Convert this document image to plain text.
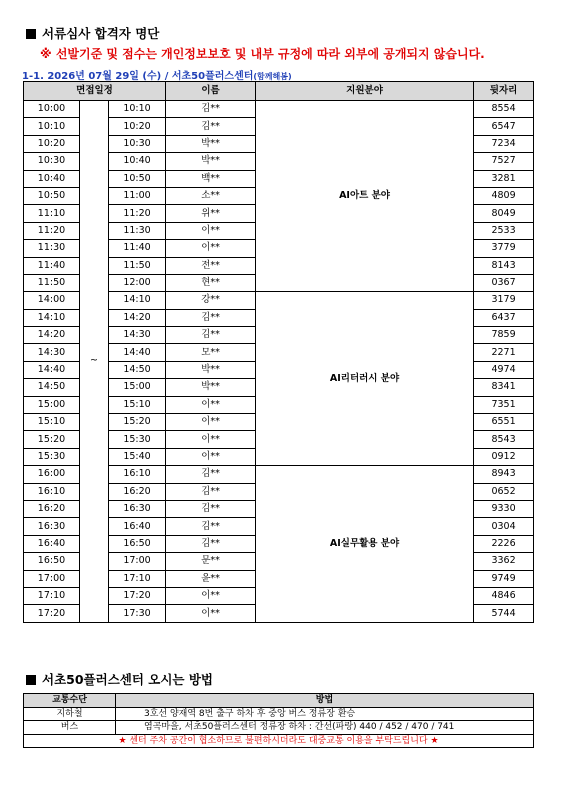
서류심사 합격자 명단
※ 선발기준 및 점수는 개인정보보호 및 내부 규정에 따라 외부에 공개되지 않습니다.
1-1. 2026년 07월 29일 (수) / 서초50플러스센터(함께해봄)
면접일정			이름	지원분야	뒷자리
10:00	~	10:10	김**	AI아트 분야	8554
10:10		10:20	김**		6547
10:20		10:30	박**		7234
10:30		10:40	박**		7527
10:40		10:50	백**		3281
10:50		11:00	소**		4809
11:10		11:20	위**		8049
11:20		11:30	이**		2533
11:30		11:40	이**		3779
11:40		11:50	전**		8143
11:50		12:00	현**		0367
14:00		14:10	강**	AI리터러시 분야	3179
14:10		14:20	김**		6437
14:20		14:30	김**		7859
14:30		14:40	모**		2271
14:40		14:50	박**		4974
14:50		15:00	박**		8341
15:00		15:10	이**		7351
15:10		15:20	이**		6551
15:20		15:30	이**		8543
15:30		15:40	이**		0912
16:00		16:10	김**	AI실무활용 분야	8943
16:10		16:20	김**		0652
16:20		16:30	김**		9330
16:30		16:40	김**		0304
16:40		16:50	김**		2226
16:50		17:00	문**		3362
17:00		17:10	윤**		9749
17:10		17:20	이**		4846
17:20		17:30	이**		5744
서초50플러스센터 오시는 방법
교통수단	방법
지하철	3호선 양재역 8번 출구 하차 후 중앙 버스 정류장 환승
버스	염곡마을, 서초50플러스센터 정류장 하차 : 간선(파랑) 440 / 452 / 470 / 741
★ 센터 주차 공간이 협소하므로 불편하시더라도 대중교통 이용을 부탁드립니다 ★	
